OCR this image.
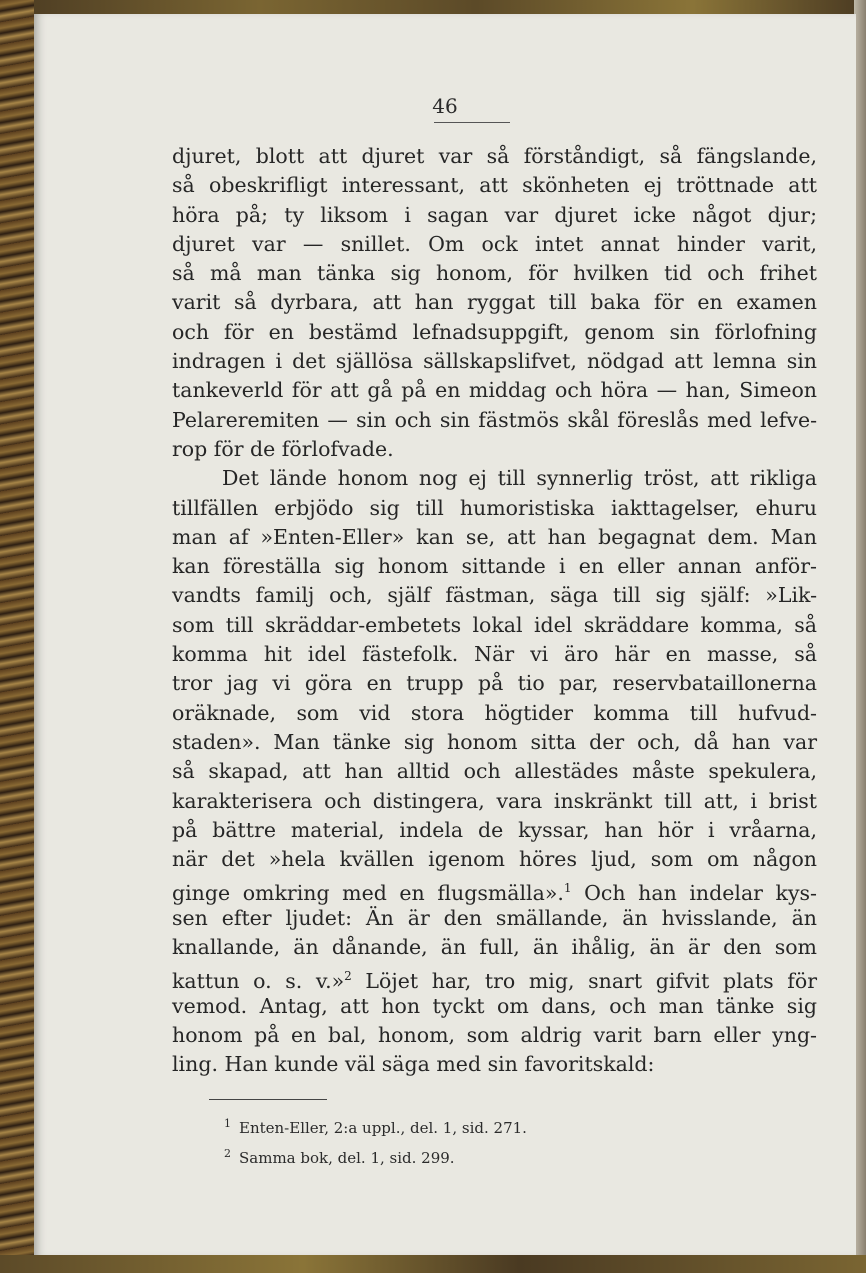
46
djuret, blott att djuret var så förståndigt, så fängslande,
så obeskrifligt interessant, att skönheten ej tröttnade att
höra på; ty liksom i sagan var djuret icke något djur;
djuret var — snillet. Om ock intet annat hinder varit,
så må man tänka sig honom, för hvilken tid och frihet
varit så dyrbara, att han ryggat till baka för en examen
och för en bestämd lefnadsuppgift, genom sin förlofning
indragen i det själlösa sällskapslifvet, nödgad att lemna sin
tankeverld för att gå på en middag och höra — han, Simeon
Pelareremiten — sin och sin fästmös skål föreslås med lefve-
rop för de förlofvade.
Det lände honom nog ej till synnerlig tröst, att rikliga
tillfällen erbjödo sig till humoristiska iakttagelser, ehuru
man af »Enten-Eller» kan se, att han begagnat dem. Man
kan föreställa sig honom sittande i en eller annan anför-
vandts familj och, själf fästman, säga till sig själf: »Lik-
som till skräddar-embetets lokal idel skräddare komma, så
komma hit idel fästefolk. När vi äro här en masse, så
tror jag vi göra en trupp på tio par, reservbataillonerna
oräknade, som vid stora högtider komma till hufvud-
staden». Man tänke sig honom sitta der och, då han var
så skapad, att han alltid och allestädes måste spekulera,
karakterisera och distingera, vara inskränkt till att, i brist
på bättre material, indela de kyssar, han hör i vråarna,
när det »hela kvällen igenom höres ljud, som om någon
ginge omkring med en flugsmälla».$^1$ Och han indelar kys-
sen efter ljudet: Än är den smällande, än hvisslande, än
knallande, än dånande, än full, än ihålig, än är den som
kattun o. s. v.»$^2$ Löjet har, tro mig, snart gifvit plats för
vemod. Antag, att hon tyckt om dans, och man tänke sig
honom på en bal, honom, som aldrig varit barn eller yng-
ling. Han kunde väl säga med sin favoritskald:
$^1$ Enten-Eller, 2:a uppl., del. 1, sid. 271.
$^2$ Samma bok, del. 1, sid. 299.
